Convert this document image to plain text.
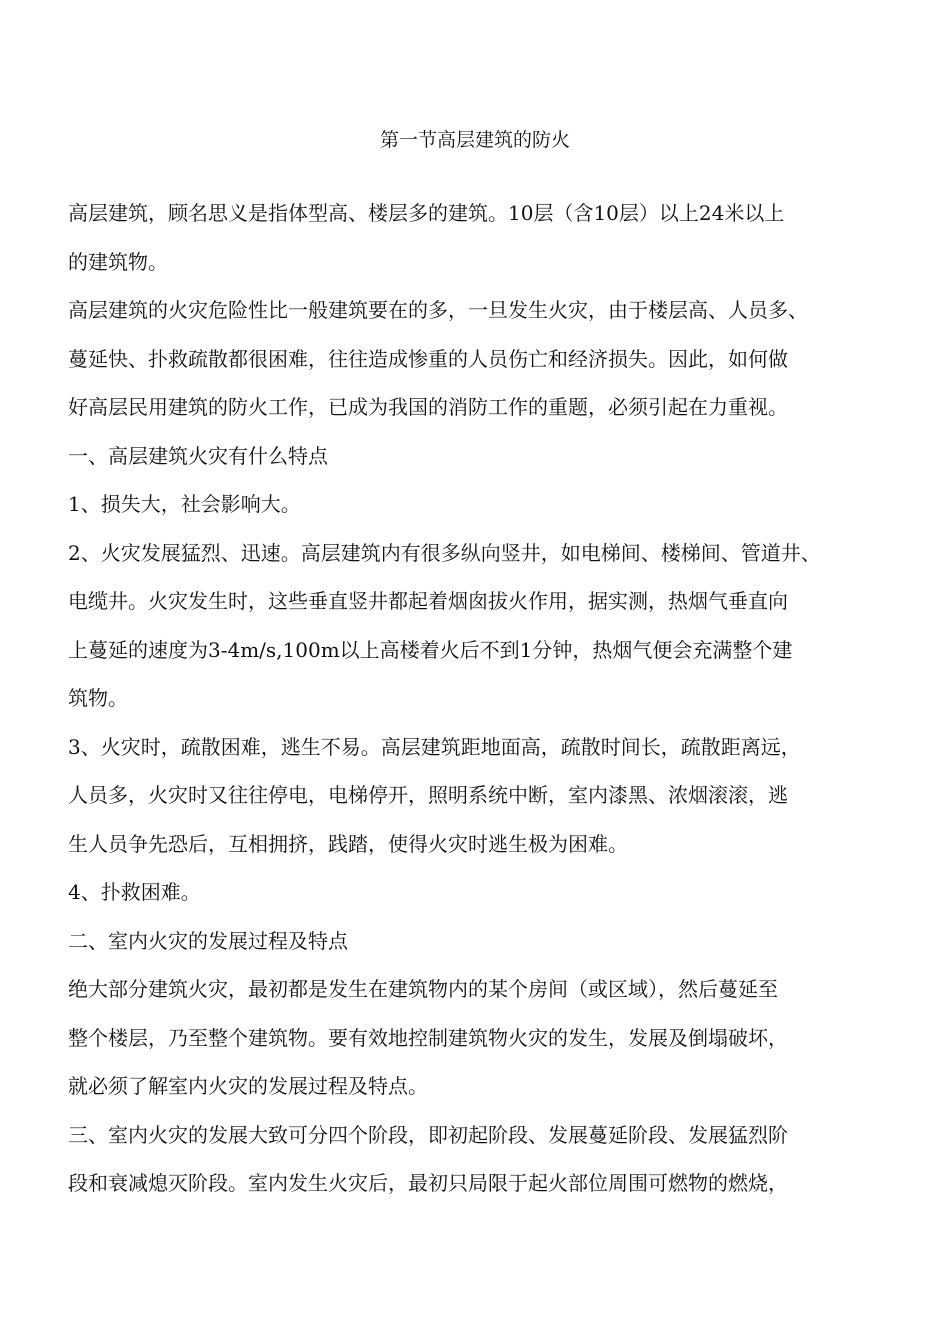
第一节高层建筑的防火
高层建筑，顾名思义是指体型高、楼层多的建筑。10层（含10层）以上24米以上
的建筑物。
高层建筑的火灾危险性比一般建筑要在的多，一旦发生火灾，由于楼层高、人员多、
蔓延快、扑救疏散都很困难，往往造成惨重的人员伤亡和经济损失。因此，如何做
好高层民用建筑的防火工作，已成为我国的消防工作的重题，必须引起在力重视。
一、高层建筑火灾有什么特点
1、损失大，社会影响大。
2、火灾发展猛烈、迅速。高层建筑内有很多纵向竖井，如电梯间、楼梯间、管道井、
电缆井。火灾发生时，这些垂直竖井都起着烟囱拔火作用，据实测，热烟气垂直向
上蔓延的速度为3-4m/s,100m以上高楼着火后不到1分钟，热烟气便会充满整个建
筑物。
3、火灾时，疏散困难，逃生不易。高层建筑距地面高，疏散时间长，疏散距离远，
人员多，火灾时又往往停电，电梯停开，照明系统中断，室内漆黑、浓烟滚滚，逃
生人员争先恐后，互相拥挤，践踏，使得火灾时逃生极为困难。
4、扑救困难。
二、室内火灾的发展过程及特点
绝大部分建筑火灾，最初都是发生在建筑物内的某个房间（或区域），然后蔓延至
整个楼层，乃至整个建筑物。要有效地控制建筑物火灾的发生，发展及倒塌破坏，
就必须了解室内火灾的发展过程及特点。
三、室内火灾的发展大致可分四个阶段，即初起阶段、发展蔓延阶段、发展猛烈阶
段和衰减熄灭阶段。室内发生火灾后，最初只局限于起火部位周围可燃物的燃烧，
